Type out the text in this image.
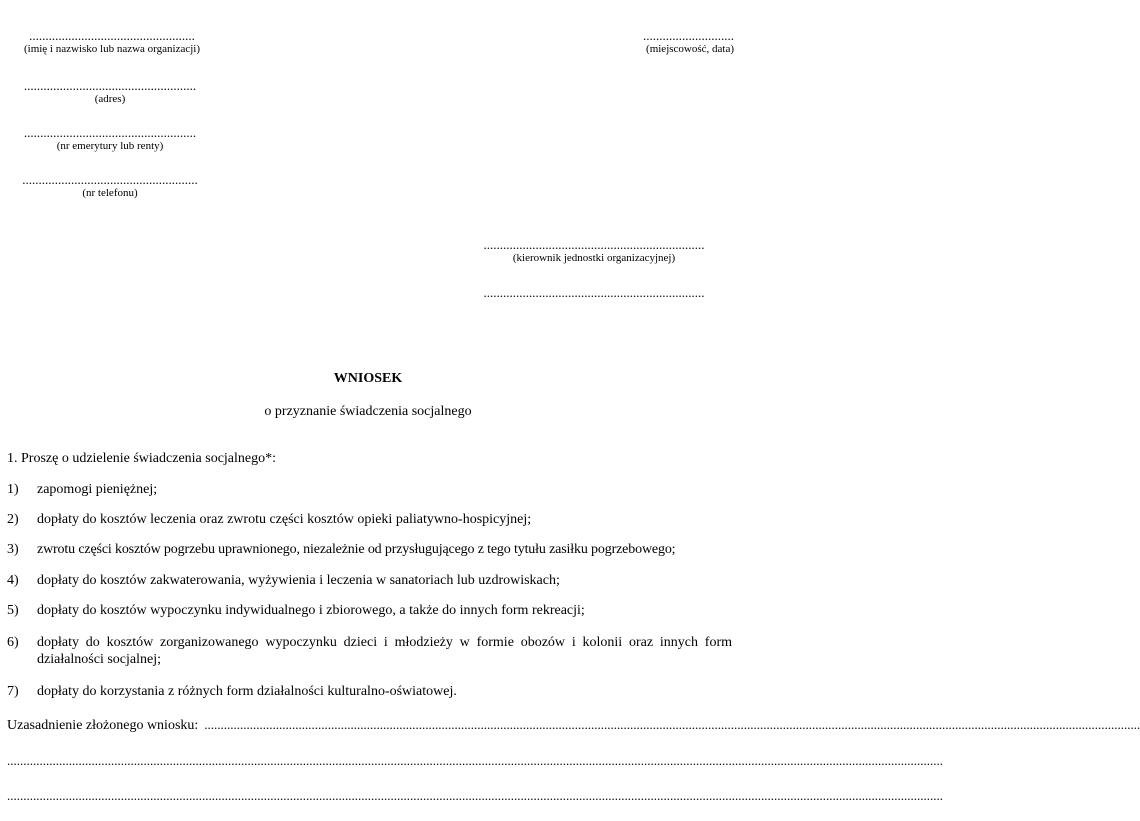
...................................................
(imię i nazwisko lub nazwa organizacji)
............................
(miejscowość, data)
.....................................................
(adres)
.....................................................
(nr emerytury lub renty)
......................................................
(nr telefonu)
....................................................................
(kierownik jednostki organizacyjnej)
....................................................................
WNIOSEK
o przyznanie świadczenia socjalnego
1. Proszę o udzielenie świadczenia socjalnego*:
1) zapomogi pieniężnej;
2) dopłaty do kosztów leczenia oraz zwrotu części kosztów opieki paliatywno-hospicyjnej;
3) zwrotu części kosztów pogrzebu uprawnionego, niezależnie od przysługującego z tego tytułu zasiłku pogrzebowego;
4) dopłaty do kosztów zakwaterowania, wyżywienia i leczenia w sanatoriach lub uzdrowiskach;
5) dopłaty do kosztów wypoczynku indywidualnego i zbiorowego, a także do innych form rekreacji;
6) dopłaty do kosztów zorganizowanego wypoczynku dzieci i młodzieży w formie obozów i kolonii oraz innych form działalności socjalnej;
7) dopłaty do korzystania z różnych form działalności kulturalno-oświatowej.
Uzasadnienie złożonego wniosku: ................................................................................................................................................................................................................................................................................................
................................................................................................................................................................................................................................................................................................
................................................................................................................................................................................................................................................................................................
